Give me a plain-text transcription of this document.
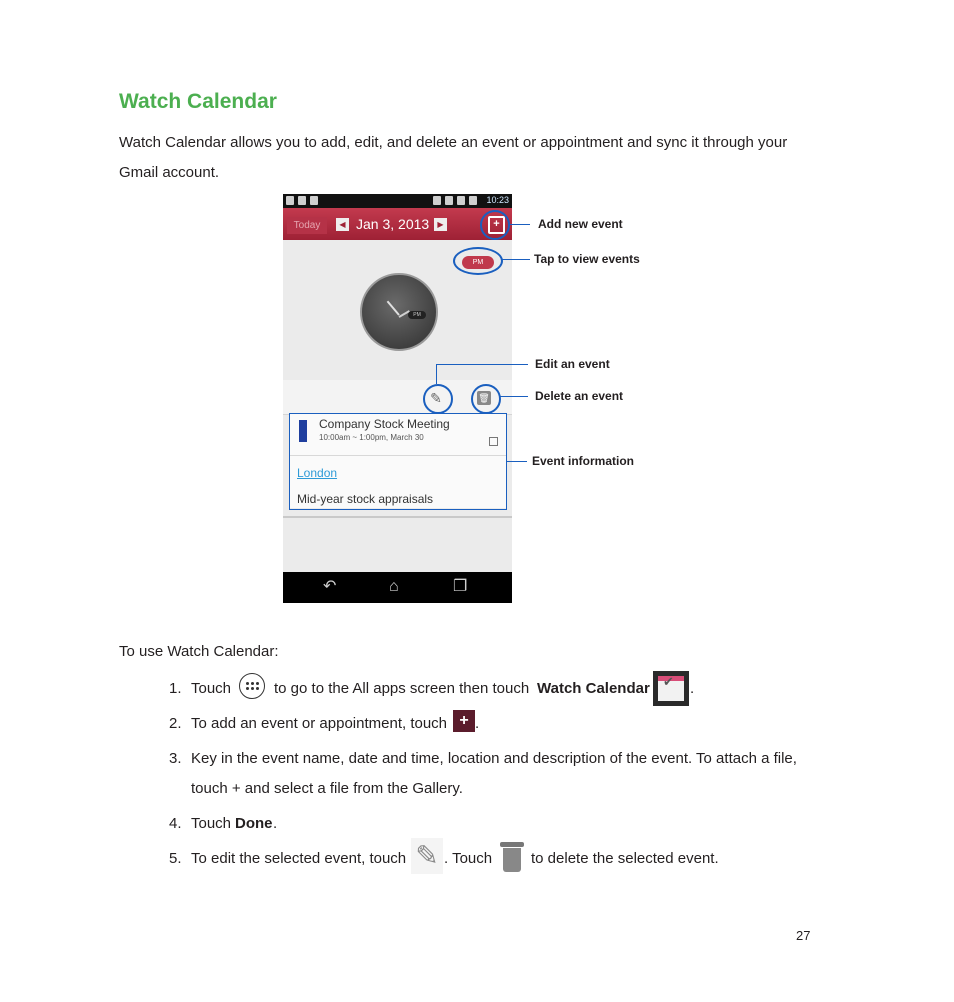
Watch Calendar
Watch Calendar allows you to add, edit, and delete an event or appointment and sync it through your
Gmail account.
10:23
Today	◀ Jan 3, 2013	▶	+
PM
PM
✎	🗑
Company Stock Meeting
10:00am ~ 1:00pm, March 30
London
Mid-year stock appraisals
↶	⌂	❐
Add new event
Tap to view events
Edit an event
Delete an event
Event information
To use Watch Calendar:
1. Touch	to go to the All apps screen then touch Watch Calendar ✔ .
2. To add an event or appointment, touch + .
3. Key in the event name, date and time, location and description of the event. To attach a file,
touch + and select a file from the Gallery.
4. Touch Done .
5. To edit the selected event, touch ✎ . Touch	to delete the selected event.
27
